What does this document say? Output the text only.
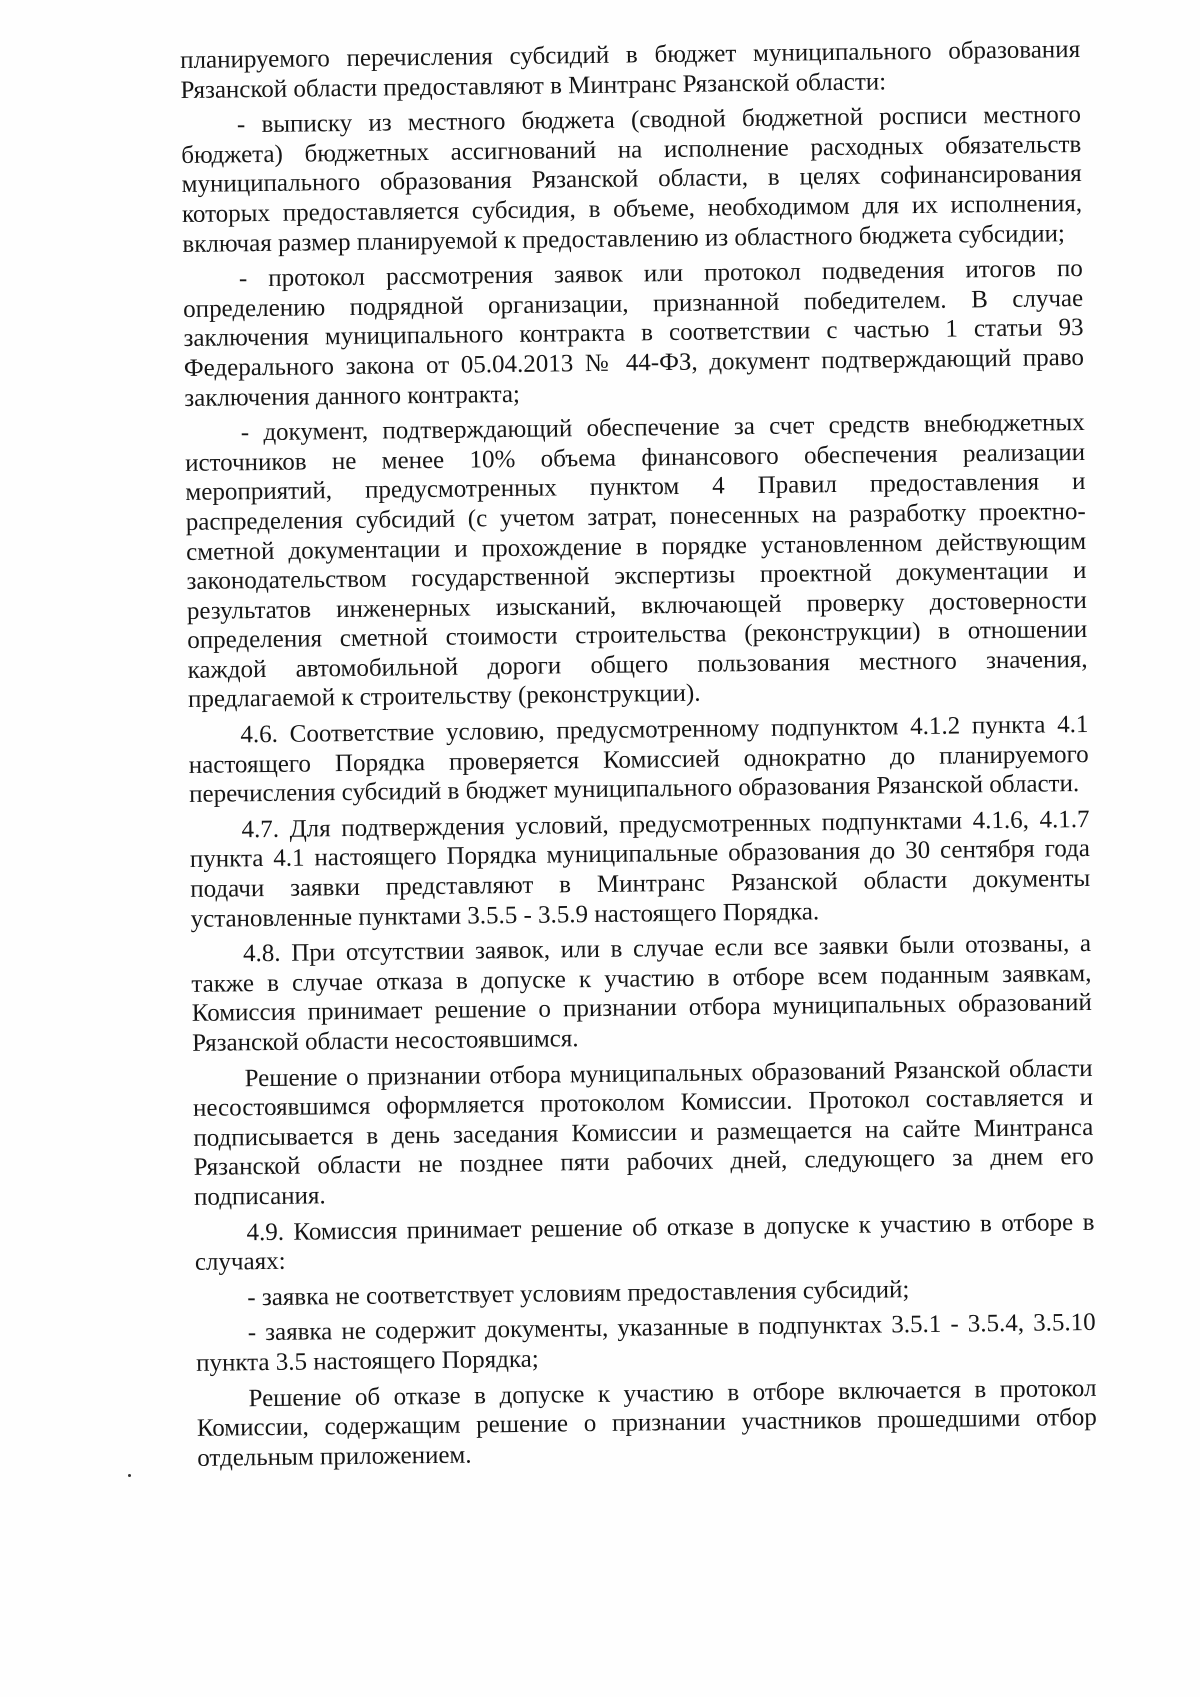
планируемого перечисления субсидий в бюджет муниципального образования Рязанской области предоставляют в Минтранс Рязанской области:

- выписку из местного бюджета (сводной бюджетной росписи местного бюджета) бюджетных ассигнований на исполнение расходных обязательств муниципального образования Рязанской области, в целях софинансирования которых предоставляется субсидия, в объеме, необходимом для их исполнения, включая размер планируемой к предоставлению из областного бюджета субсидии;

- протокол рассмотрения заявок или протокол подведения итогов по определению подрядной организации, признанной победителем. В случае заключения муниципального контракта в соответствии с частью 1 статьи 93 Федерального закона от 05.04.2013 № 44-ФЗ, документ подтверждающий право заключения данного контракта;

- документ, подтверждающий обеспечение за счет средств внебюджетных источников не менее 10% объема финансового обеспечения реализации мероприятий, предусмотренных пунктом 4 Правил предоставления и распределения субсидий (с учетом затрат, понесенных на разработку проектно-сметной документации и прохождение в порядке установленном действующим законодательством государственной экспертизы проектной документации и результатов инженерных изысканий, включающей проверку достоверности определения сметной стоимости строительства (реконструкции) в отношении каждой автомобильной дороги общего пользования местного значения, предлагаемой к строительству (реконструкции).

4.6. Соответствие условию, предусмотренному подпунктом 4.1.2 пункта 4.1 настоящего Порядка проверяется Комиссией однократно до планируемого перечисления субсидий в бюджет муниципального образования Рязанской области.

4.7. Для подтверждения условий, предусмотренных подпунктами 4.1.6, 4.1.7 пункта 4.1 настоящего Порядка муниципальные образования до 30 сентября года подачи заявки представляют в Минтранс Рязанской области документы установленные пунктами 3.5.5 - 3.5.9 настоящего Порядка.

4.8. При отсутствии заявок, или в случае если все заявки были отозваны, а также в случае отказа в допуске к участию в отборе всем поданным заявкам, Комиссия принимает решение о признании отбора муниципальных образований Рязанской области несостоявшимся.

Решение о признании отбора муниципальных образований Рязанской области несостоявшимся оформляется протоколом Комиссии. Протокол составляется и подписывается в день заседания Комиссии и размещается на сайте Минтранса Рязанской области не позднее пяти рабочих дней, следующего за днем его подписания.

4.9. Комиссия принимает решение об отказе в допуске к участию в отборе в случаях:

- заявка не соответствует условиям предоставления субсидий;

- заявка не содержит документы, указанные в подпунктах 3.5.1 - 3.5.4, 3.5.10 пункта 3.5 настоящего Порядка;

Решение об отказе в допуске к участию в отборе включается в протокол Комиссии, содержащим решение о признании участников прошедшими отбор отдельным приложением.
